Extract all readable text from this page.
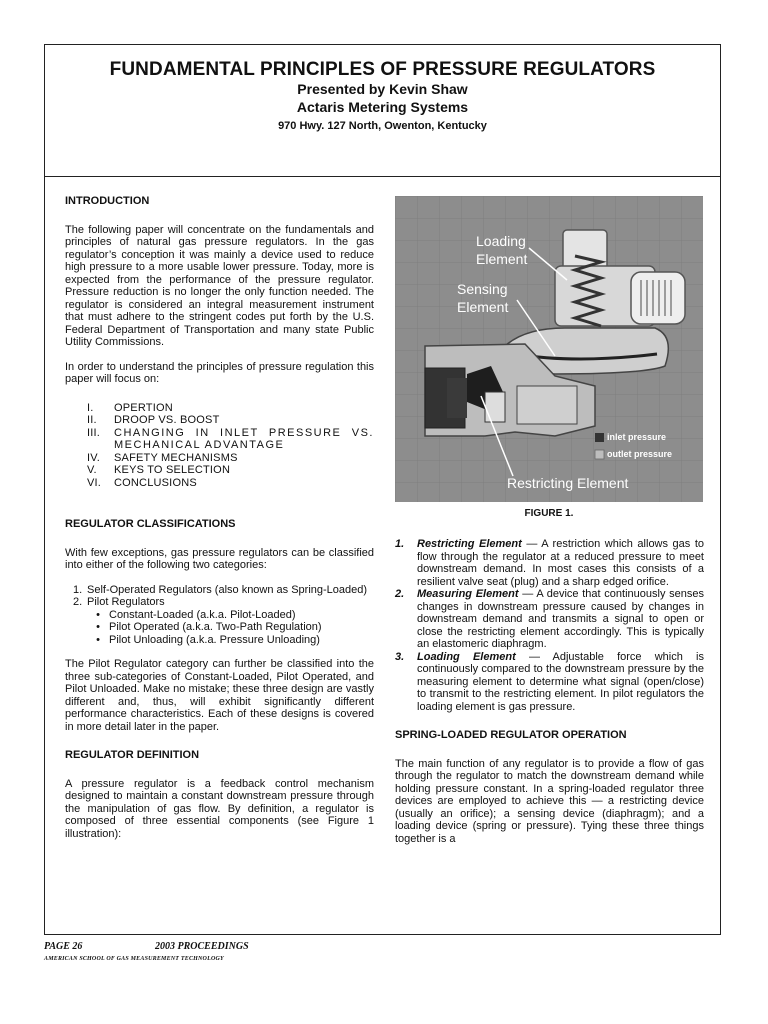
FUNDAMENTAL PRINCIPLES OF PRESSURE REGULATORS
Presented by Kevin Shaw
Actaris Metering Systems
970 Hwy. 127 North, Owenton, Kentucky
INTRODUCTION
The following paper will concentrate on the fundamentals and principles of natural gas pressure regulators. In the gas regulator’s conception it was mainly a device used to reduce high pressure to a more usable lower pressure. Today, more is expected from the performance of the pressure regulator. Pressure reduction is no longer the only function needed. The regulator is considered an integral measurement instrument that must adhere to the stringent codes put forth by the U.S. Federal Department of Transportation and many state Public Utility Commissions.
In order to understand the principles of pressure regulation this paper will focus on:
I.	OPERTION
II.	DROOP VS. BOOST
III.	CHANGING IN INLET PRESSURE VS. MECHANICAL ADVANTAGE
IV.	SAFETY MECHANISMS
V.	KEYS TO SELECTION
VI.	CONCLUSIONS
REGULATOR CLASSIFICATIONS
With few exceptions, gas pressure regulators can be classified into either of the following two categories:
1. Self-Operated Regulators (also known as Spring-Loaded)
2. Pilot Regulators
• Constant-Loaded (a.k.a. Pilot-Loaded)
• Pilot Operated (a.k.a. Two-Path Regulation)
• Pilot Unloading (a.k.a. Pressure Unloading)
The Pilot Regulator category can further be classified into the three sub-categories of Constant-Loaded, Pilot Operated, and Pilot Unloaded. Make no mistake; these three design are vastly different and, thus, will exhibit significantly different performance characteristics. Each of these designs is covered in more detail later in the paper.
REGULATOR DEFINITION
A pressure regulator is a feedback control mechanism designed to maintain a constant downstream pressure through the manipulation of gas flow. By definition, a regulator is composed of three essential components (see Figure 1 illustration):
Loading Element
Sensing Element
Restricting Element
inlet pressure
outlet pressure
FIGURE 1.
1.	Restricting Element — A restriction which allows gas to flow through the regulator at a reduced pressure to meet downstream demand. In most cases this consists of a resilient valve seat (plug) and a sharp edged orifice.
2.	Measuring Element — A device that continuously senses changes in downstream pressure caused by changes in downstream demand and transmits a signal to open or close the restricting element accordingly. This is typically an elastomeric diaphragm.
3.	Loading Element — Adjustable force which is continuously compared to the downstream pressure by the measuring element to determine what signal (open/close) to transmit to the restricting element. In pilot regulators the loading element is gas pressure.
SPRING-LOADED REGULATOR OPERATION
The main function of any regulator is to provide a flow of gas through the regulator to match the downstream demand while holding pressure constant. In a spring-loaded regulator three devices are employed to achieve this — a restricting device (usually an orifice); a sensing device (diaphragm); and a loading device (spring or pressure). Tying these three things together is a
PAGE 26	2003 PROCEEDINGS
AMERICAN SCHOOL OF GAS MEASUREMENT TECHNOLOGY
